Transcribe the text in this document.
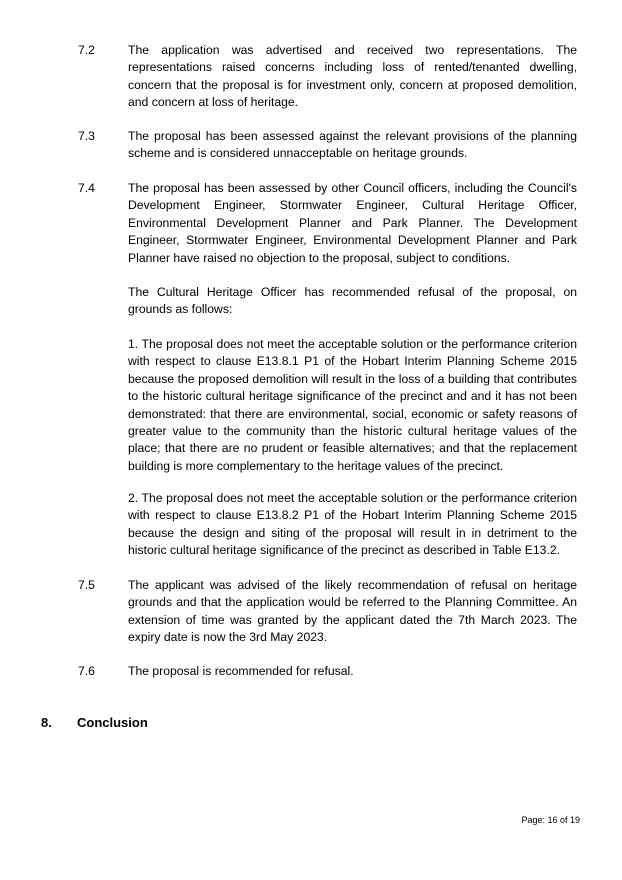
7.2	The application was advertised and received two representations. The representations raised concerns including loss of rented/tenanted dwelling, concern that the proposal is for investment only, concern at proposed demolition, and concern at loss of heritage.

7.3	The proposal has been assessed against the relevant provisions of the planning scheme and is considered unnacceptable on heritage grounds.

7.4	The proposal has been assessed by other Council officers, including the Council's Development Engineer, Stormwater Engineer, Cultural Heritage Officer, Environmental Development Planner and Park Planner. The Development Engineer, Stormwater Engineer, Environmental Development Planner and Park Planner have raised no objection to the proposal, subject to conditions.

The Cultural Heritage Officer has recommended refusal of the proposal, on grounds as follows:

1. The proposal does not meet the acceptable solution or the performance criterion with respect to clause E13.8.1 P1 of the Hobart Interim Planning Scheme 2015 because the proposed demolition will result in the loss of a building that contributes to the historic cultural heritage significance of the precinct and and it has not been demonstrated: that there are environmental, social, economic or safety reasons of greater value to the community than the historic cultural heritage values of the place; that there are no prudent or feasible alternatives; and that the replacement building is more complementary to the heritage values of the precinct.

2. The proposal does not meet the acceptable solution or the performance criterion with respect to clause E13.8.2 P1 of the Hobart Interim Planning Scheme 2015 because the design and siting of the proposal will result in in detriment to the historic cultural heritage significance of the precinct as described in Table E13.2.

7.5	The applicant was advised of the likely recommendation of refusal on heritage grounds and that the application would be referred to the Planning Committee. An extension of time was granted by the applicant dated the 7th March 2023. The expiry date is now the 3rd May 2023.

7.6	The proposal is recommended for refusal.

8. Conclusion
Page: 16 of 19
